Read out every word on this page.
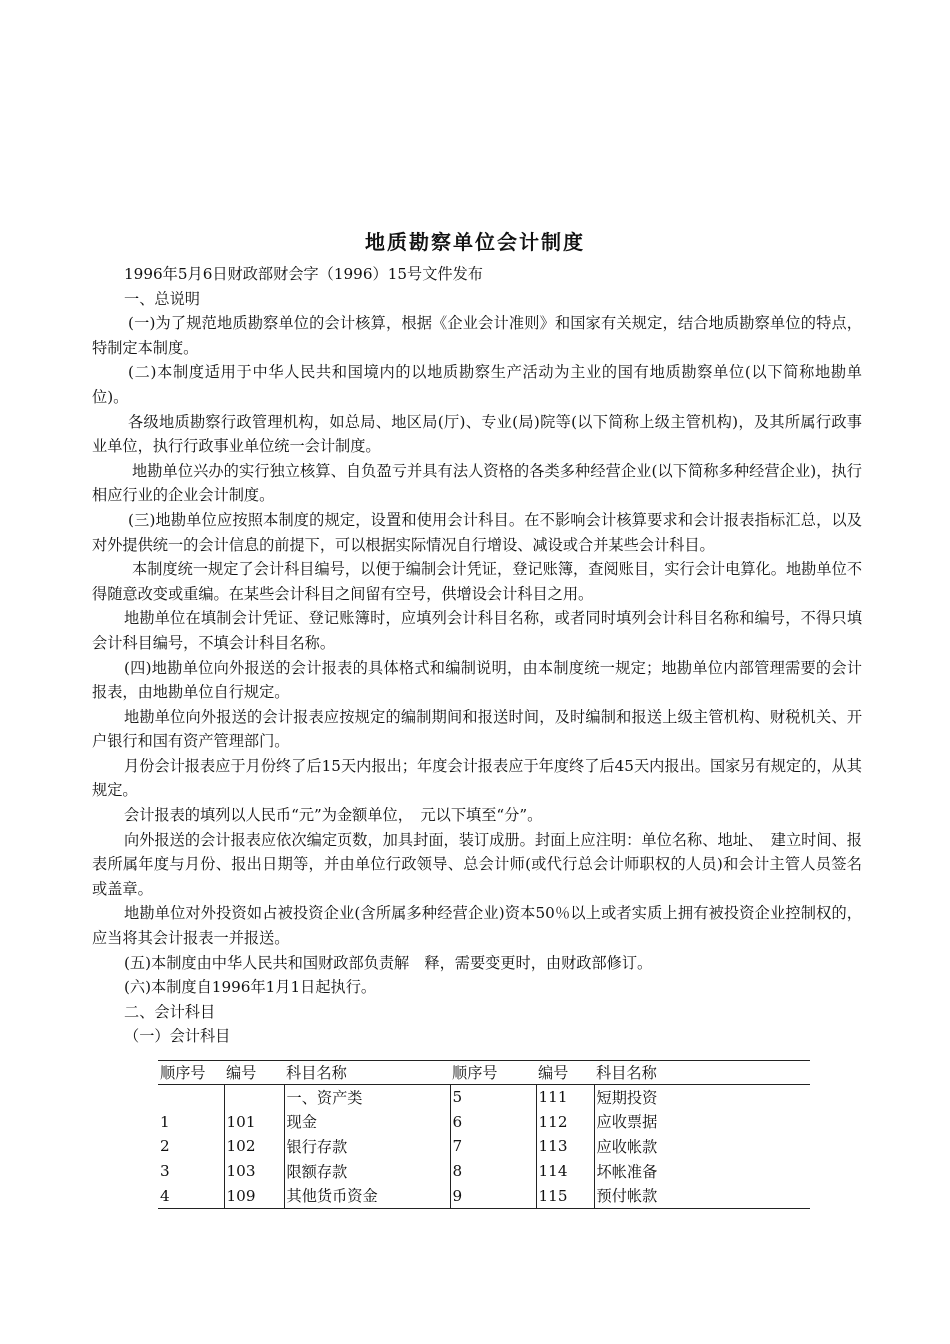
地质勘察单位会计制度

1996年5月6日财政部财会字（1996）15号文件发布

一、总说明

(一)为了规范地质勘察单位的会计核算，根据《企业会计准则》和国家有关规定，结合地质勘察单位的特点，特制定本制度。

(二)本制度适用于中华人民共和国境内的以地质勘察生产活动为主业的国有地质勘察单位(以下简称地勘单位)。

各级地质勘察行政管理机构，如总局、地区局(厅)、专业(局)院等(以下简称上级主管机构)，及其所属行政事业单位，执行行政事业单位统一会计制度。

地勘单位兴办的实行独立核算、自负盈亏并具有法人资格的各类多种经营企业(以下简称多种经营企业)，执行相应行业的企业会计制度。

(三)地勘单位应按照本制度的规定，设置和使用会计科目。在不影响会计核算要求和会计报表指标汇总，以及对外提供统一的会计信息的前提下，可以根据实际情况自行增设、减设或合并某些会计科目。

本制度统一规定了会计科目编号，以便于编制会计凭证，登记账簿，查阅账目，实行会计电算化。地勘单位不得随意改变或重编。在某些会计科目之间留有空号，供增设会计科目之用。

地勘单位在填制会计凭证、登记账簿时，应填列会计科目名称，或者同时填列会计科目名称和编号，不得只填会计科目编号，不填会计科目名称。

(四)地勘单位向外报送的会计报表的具体格式和编制说明，由本制度统一规定；地勘单位内部管理需要的会计报表，由地勘单位自行规定。

地勘单位向外报送的会计报表应按规定的编制期间和报送时间，及时编制和报送上级主管机构、财税机关、开户银行和国有资产管理部门。

月份会计报表应于月份终了后15天内报出；年度会计报表应于年度终了后45天内报出。国家另有规定的，从其规定。

会计报表的填列以人民币“元”为金额单位，　元以下填至“分”。

向外报送的会计报表应依次编定页数，加具封面，装订成册。封面上应注明：单位名称、地址、　建立时间、报表所属年度与月份、报出日期等，并由单位行政领导、总会计师(或代行总会计师职权的人员)和会计主管人员签名或盖章。

地勘单位对外投资如占被投资企业(含所属多种经营企业)资本50％以上或者实质上拥有被投资企业控制权的，应当将其会计报表一并报送。

(五)本制度由中华人民共和国财政部负责解　释，需要变更时，由财政部修订。

(六)本制度自1996年1月1日起执行。

二、会计科目

（一）会计科目

顺序号	编号	科目名称	顺序号	编号	科目名称
		一、资产类	5	111	短期投资
1	101	现金	6	112	应收票据
2	102	银行存款	7	113	应收帐款
3	103	限额存款	8	114	坏帐准备
4	109	其他货币资金	9	115	预付帐款
